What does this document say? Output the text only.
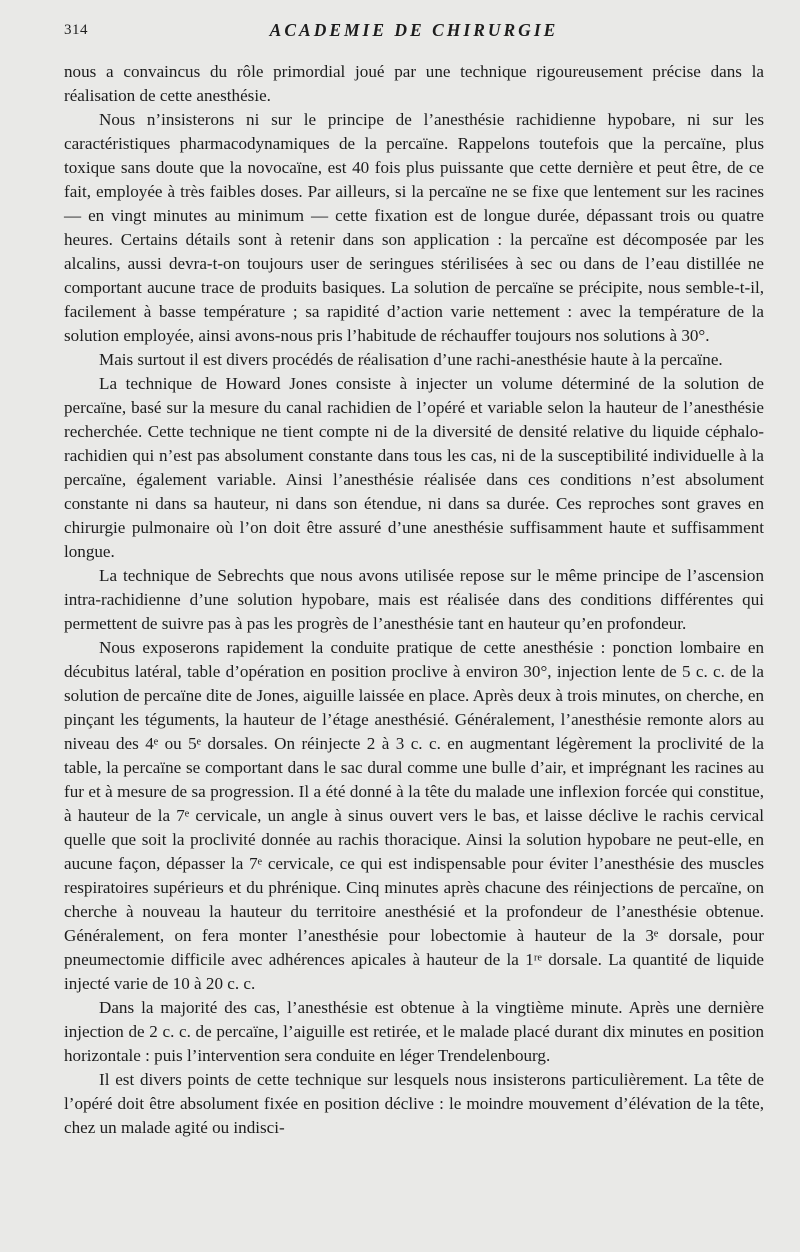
314	ACADEMIE DE CHIRURGIE

nous a convaincus du rôle primordial joué par une technique rigoureusement précise dans la réalisation de cette anesthésie.

Nous n’insisterons ni sur le principe de l’anesthésie rachidienne hypobare, ni sur les caractéristiques pharmacodynamiques de la percaïne. Rappelons toutefois que la percaïne, plus toxique sans doute que la novocaïne, est 40 fois plus puissante que cette dernière et peut être, de ce fait, employée à très faibles doses. Par ailleurs, si la percaïne ne se fixe que lentement sur les racines — en vingt minutes au minimum — cette fixation est de longue durée, dépassant trois ou quatre heures. Certains détails sont à retenir dans son application : la percaïne est décomposée par les alcalins, aussi devra-t-on toujours user de seringues stérilisées à sec ou dans de l’eau distillée ne comportant aucune trace de produits basiques. La solution de percaïne se précipite, nous semble-t-il, facilement à basse température ; sa rapidité d’action varie nettement : avec la température de la solution employée, ainsi avons-nous pris l’habitude de réchauffer toujours nos solutions à 30°.

Mais surtout il est divers procédés de réalisation d’une rachi-anesthésie haute à la percaïne.

La technique de Howard Jones consiste à injecter un volume déterminé de la solution de percaïne, basé sur la mesure du canal rachidien de l’opéré et variable selon la hauteur de l’anesthésie recherchée. Cette technique ne tient compte ni de la diversité de densité relative du liquide céphalo-rachidien qui n’est pas absolument constante dans tous les cas, ni de la susceptibilité individuelle à la percaïne, également variable. Ainsi l’anesthésie réalisée dans ces conditions n’est absolument constante ni dans sa hauteur, ni dans son étendue, ni dans sa durée. Ces reproches sont graves en chirurgie pulmonaire où l’on doit être assuré d’une anesthésie suffisamment haute et suffisamment longue.

La technique de Sebrechts que nous avons utilisée repose sur le même principe de l’ascension intra-rachidienne d’une solution hypobare, mais est réalisée dans des conditions différentes qui permettent de suivre pas à pas les progrès de l’anesthésie tant en hauteur qu’en profondeur.

Nous exposerons rapidement la conduite pratique de cette anesthésie : ponction lombaire en décubitus latéral, table d’opération en position proclive à environ 30°, injection lente de 5 c. c. de la solution de percaïne dite de Jones, aiguille laissée en place. Après deux à trois minutes, on cherche, en pinçant les téguments, la hauteur de l’étage anesthésié. Généralement, l’anesthésie remonte alors au niveau des 4ᵉ ou 5ᵉ dorsales. On réinjecte 2 à 3 c. c. en augmentant légèrement la proclivité de la table, la percaïne se comportant dans le sac dural comme une bulle d’air, et imprégnant les racines au fur et à mesure de sa progression. Il a été donné à la tête du malade une inflexion forcée qui constitue, à hauteur de la 7ᵉ cervicale, un angle à sinus ouvert vers le bas, et laisse déclive le rachis cervical quelle que soit la proclivité donnée au rachis thoracique. Ainsi la solution hypobare ne peut-elle, en aucune façon, dépasser la 7ᵉ cervicale, ce qui est indispensable pour éviter l’anesthésie des muscles respiratoires supérieurs et du phrénique. Cinq minutes après chacune des réinjections de percaïne, on cherche à nouveau la hauteur du territoire anesthésié et la profondeur de l’anesthésie obtenue. Généralement, on fera monter l’anesthésie pour lobectomie à hauteur de la 3ᵉ dorsale, pour pneumectomie difficile avec adhérences apicales à hauteur de la 1ʳᵉ dorsale. La quantité de liquide injecté varie de 10 à 20 c. c.

Dans la majorité des cas, l’anesthésie est obtenue à la vingtième minute. Après une dernière injection de 2 c. c. de percaïne, l’aiguille est retirée, et le malade placé durant dix minutes en position horizontale : puis l’intervention sera conduite en léger Trendelenbourg.

Il est divers points de cette technique sur lesquels nous insisterons particulièrement. La tête de l’opéré doit être absolument fixée en position déclive : le moindre mouvement d’élévation de la tête, chez un malade agité ou indisci-
